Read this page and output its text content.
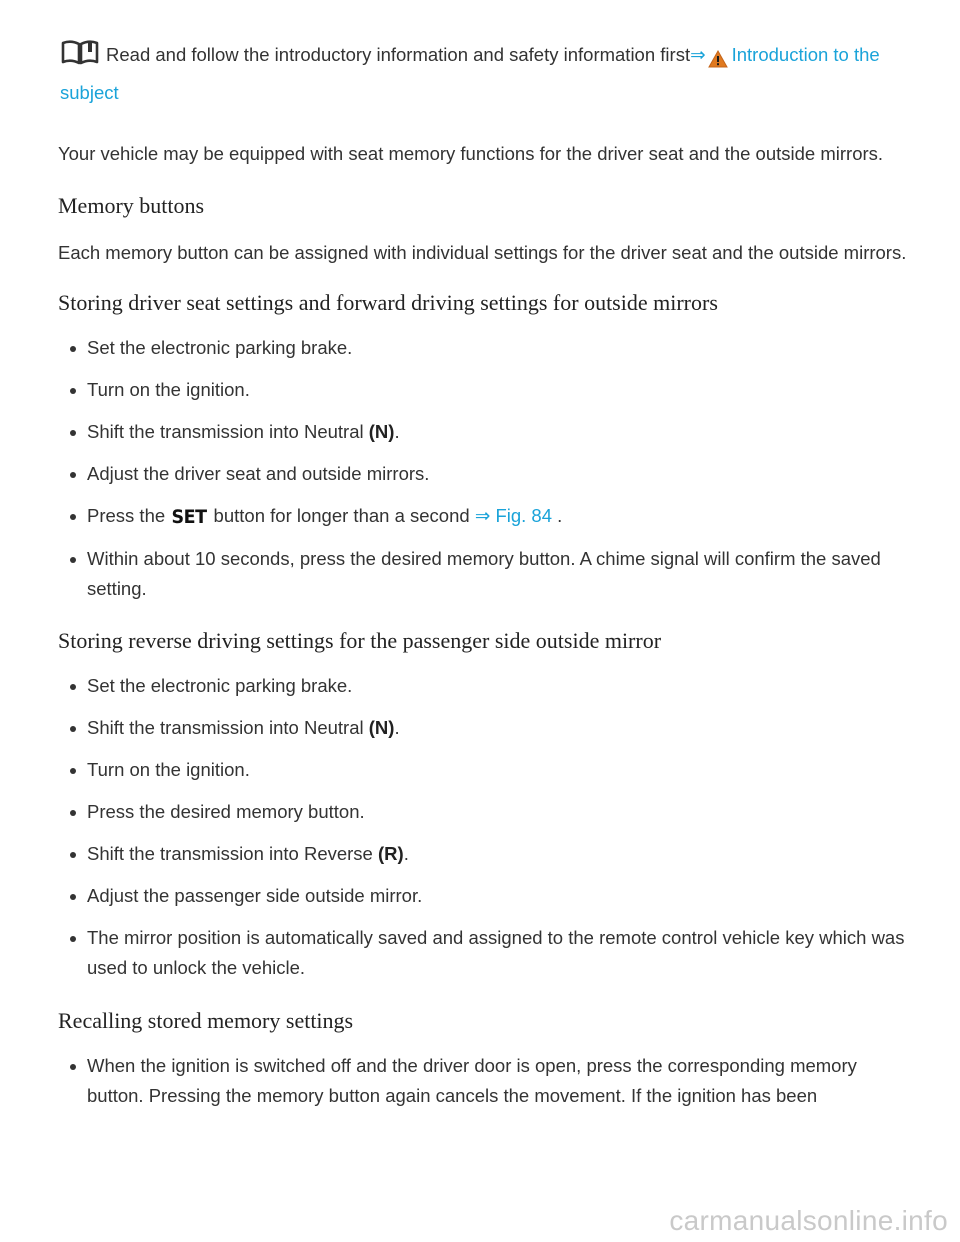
Read and follow the introductory information and safety information first⇒ Introduction to the subject

Your vehicle may be equipped with seat memory functions for the driver seat and the outside mirrors.

Memory buttons

Each memory button can be assigned with individual settings for the driver seat and the outside mirrors.

Storing driver seat settings and forward driving settings for outside mirrors
Set the electronic parking brake.
Turn on the ignition.
Shift the transmission into Neutral (N).
Adjust the driver seat and outside mirrors.
Press the SET button for longer than a second ⇒ Fig. 84 .
Within about 10 seconds, press the desired memory button. A chime signal will confirm the saved setting.
Storing reverse driving settings for the passenger side outside mirror
Set the electronic parking brake.
Shift the transmission into Neutral (N).
Turn on the ignition.
Press the desired memory button.
Shift the transmission into Reverse (R).
Adjust the passenger side outside mirror.
The mirror position is automatically saved and assigned to the remote control vehicle key which was used to unlock the vehicle.
Recalling stored memory settings
When the ignition is switched off and the driver door is open, press the corresponding memory button. Pressing the memory button again cancels the movement. If the ignition has been
carmanualsonline.info
